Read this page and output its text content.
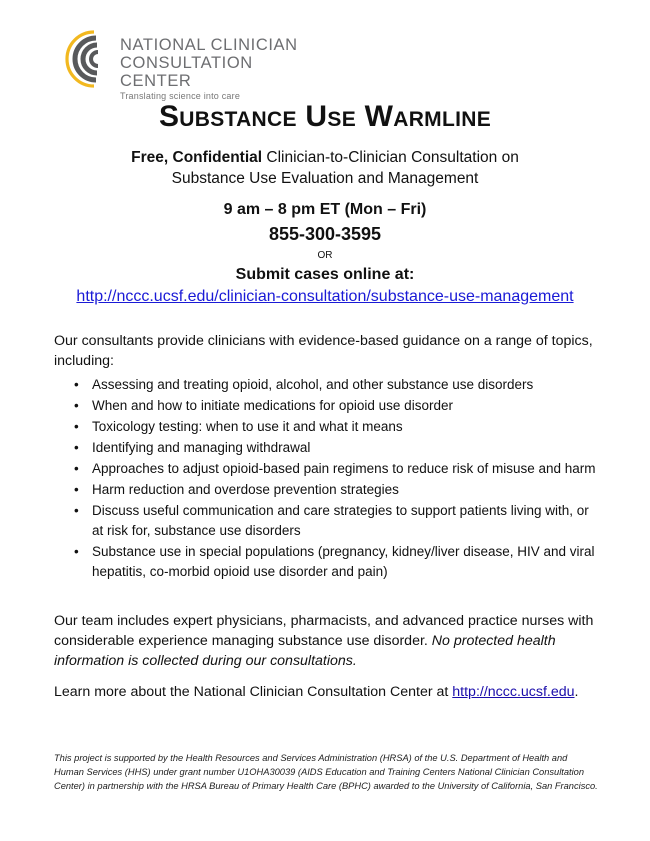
NATIONAL CLINICIAN
CONSULTATION CENTER
Translating science into care
Substance Use Warmline
Free, Confidential Clinician-to-Clinician Consultation on
Substance Use Evaluation and Management
9 am – 8 pm ET (Mon – Fri)
855-300-3595
OR
Submit cases online at:
http://nccc.ucsf.edu/clinician-consultation/substance-use-management
Our consultants provide clinicians with evidence-based guidance on a range of topics, including:
• Assessing and treating opioid, alcohol, and other substance use disorders
• When and how to initiate medications for opioid use disorder
• Toxicology testing: when to use it and what it means
• Identifying and managing withdrawal
• Approaches to adjust opioid-based pain regimens to reduce risk of misuse and harm
• Harm reduction and overdose prevention strategies
• Discuss useful communication and care strategies to support patients living with, or at risk for, substance use disorders
• Substance use in special populations (pregnancy, kidney/liver disease, HIV and viral hepatitis, co-morbid opioid use disorder and pain)
Our team includes expert physicians, pharmacists, and advanced practice nurses with considerable experience managing substance use disorder. No protected health information is collected during our consultations.
Learn more about the National Clinician Consultation Center at http://nccc.ucsf.edu.
This project is supported by the Health Resources and Services Administration (HRSA) of the U.S. Department of Health and Human Services (HHS) under grant number U1OHA30039 (AIDS Education and Training Centers National Clinician Consultation Center) in partnership with the HRSA Bureau of Primary Health Care (BPHC) awarded to the University of California, San Francisco.
